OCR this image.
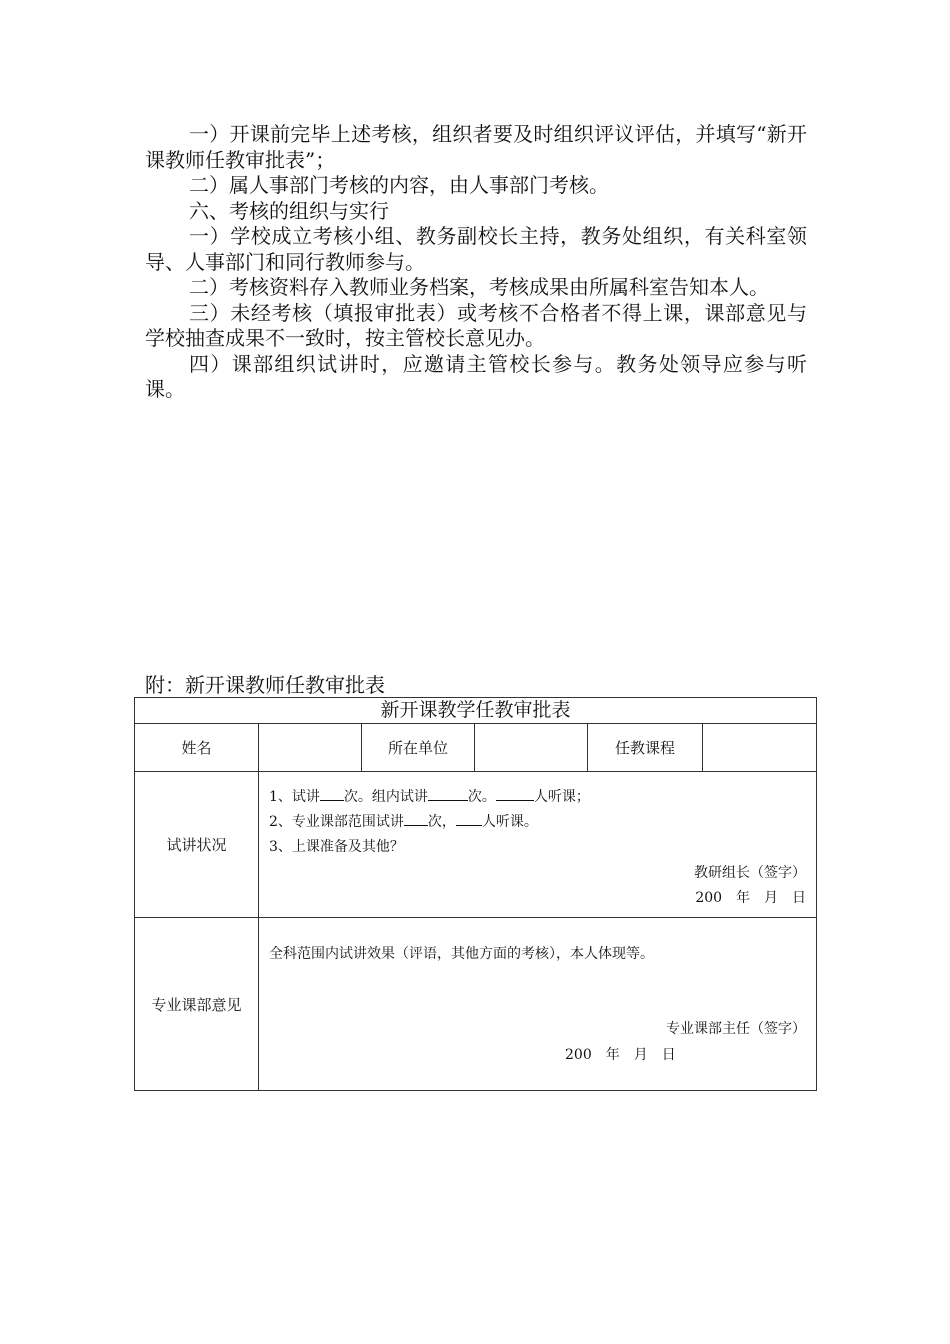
一）开课前完毕上述考核，组织者要及时组织评议评估，并填写“新开课教师任教审批表”；

二）属人事部门考核的内容，由人事部门考核。

六、考核的组织与实行

一）学校成立考核小组、教务副校长主持，教务处组织，有关科室领导、人事部门和同行教师参与。

二）考核资料存入教师业务档案，考核成果由所属科室告知本人。

三）未经考核（填报审批表）或考核不合格者不得上课，课部意见与学校抽查成果不一致时，按主管校长意见办。

四）课部组织试讲时，应邀请主管校长参与。教务处领导应参与听课。

附：新开课教师任教审批表
新开课教学任教审批表					
姓名		所在单位		任教课程	
试讲状况	1、试讲 次。组内试讲 次。 人听课；
2、专业课部范围试讲 次， 人听课。
3、上课准备及其他？
教研组长（签字）
200 年 月 日				

专业课部意见	全科范围内试讲效果（评语，其他方面的考核），本人体现等。
专业课部主任（签字）
200 年 月 日				
